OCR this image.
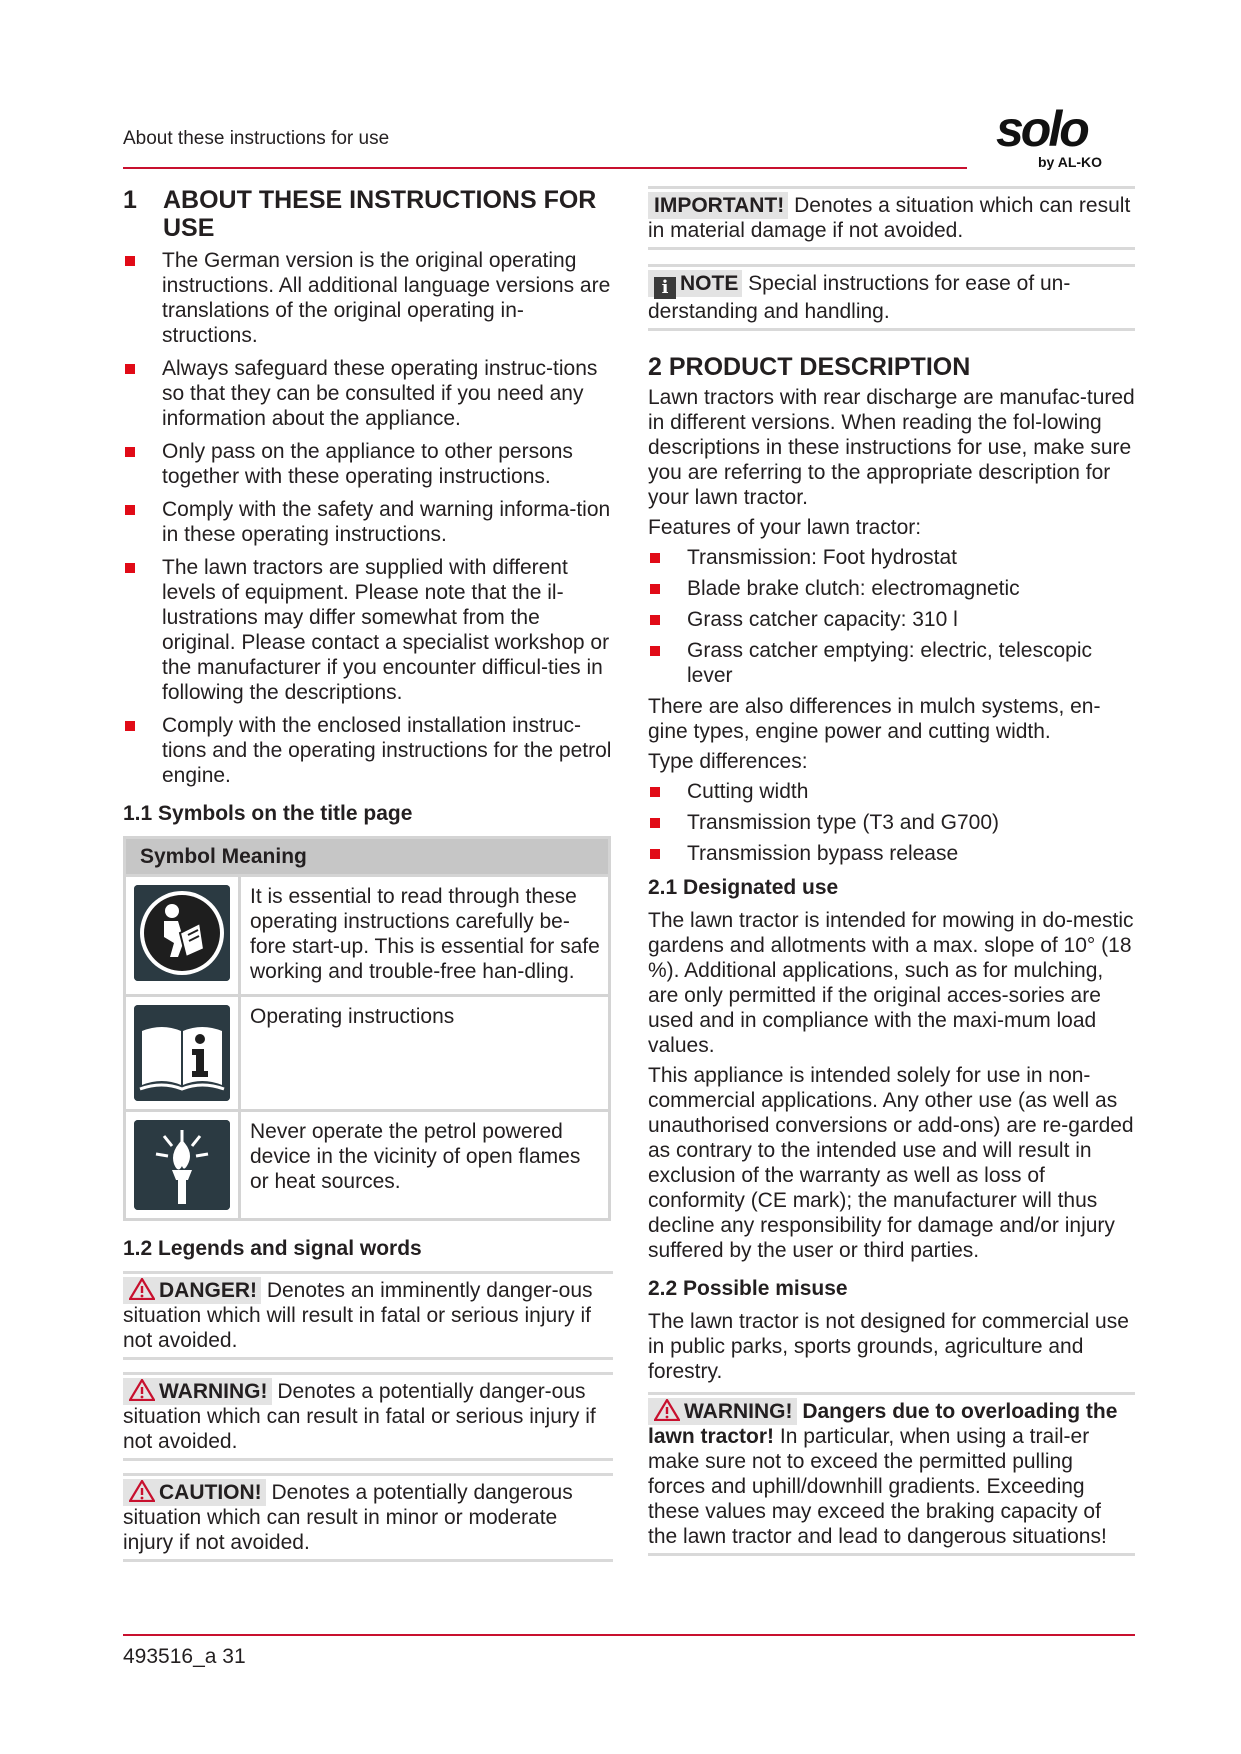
About these instructions for use	solo
by AL-KO
1 ABOUT THESE INSTRUCTIONS FOR
USE
The German version is the original operating instructions. All additional language versions are translations of the original operating in-structions.
Always safeguard these operating instruc-tions so that they can be consulted if you need any information about the appliance.
Only pass on the appliance to other persons together with these operating instructions.
Comply with the safety and warning informa-tion in these operating instructions.
The lawn tractors are supplied with different levels of equipment. Please note that the il-lustrations may differ somewhat from the original. Please contact a specialist workshop or the manufacturer if you encounter difficul-ties in following the descriptions.
Comply with the enclosed installation instruc-tions and the operating instructions for the petrol engine.
1.1 Symbols on the title page
Symbol Meaning	

	It is essential to read through these operating instructions carefully be-fore start-up. This is essential for safe working and trouble-free han-dling.

	Operating instructions

	Never operate the petrol powered device in the vicinity of open flames or heat sources.
1.2 Legends and signal words
DANGER! Denotes an imminently danger-ous situation which will result in fatal or serious injury if not avoided.
WARNING! Denotes a potentially danger-ous situation which can result in fatal or serious injury if not avoided.
CAUTION! Denotes a potentially dangerous situation which can result in minor or moderate injury if not avoided.
IMPORTANT! Denotes a situation which can result in material damage if not avoided.
i NOTE Special instructions for ease of un-derstanding and handling.
2 PRODUCT DESCRIPTION

Lawn tractors with rear discharge are manufac-tured in different versions. When reading the fol-lowing descriptions in these instructions for use, make sure you are referring to the appropriate description for your lawn tractor.

Features of your lawn tractor:

Transmission: Foot hydrostat
Blade brake clutch: electromagnetic
Grass catcher capacity: 310 l
Grass catcher emptying: electric, telescopic lever

There are also differences in mulch systems, en-gine types, engine power and cutting width.

Type differences:

Cutting width
Transmission type (T3 and G700)
Transmission bypass release
2.1 Designated use

The lawn tractor is intended for mowing in do-mestic gardens and allotments with a max. slope of 10° (18 %). Additional applications, such as for mulching, are only permitted if the original acces-sories are used and in compliance with the maxi-mum load values.

This appliance is intended solely for use in non-commercial applications. Any other use (as well as unauthorised conversions or add-ons) are re-garded as contrary to the intended use and will result in exclusion of the warranty as well as loss of conformity (CE mark); the manufacturer will thus decline any responsibility for damage and/or injury suffered by the user or third parties.

2.2 Possible misuse

The lawn tractor is not designed for commercial use in public parks, sports grounds, agriculture and forestry.

WARNING! Dangers due to overloading the lawn tractor! In particular, when using a trail-er make sure not to exceed the permitted pulling forces and uphill/downhill gradients. Exceeding these values may exceed the braking capacity of the lawn tractor and lead to dangerous situations!
493516_a 31
